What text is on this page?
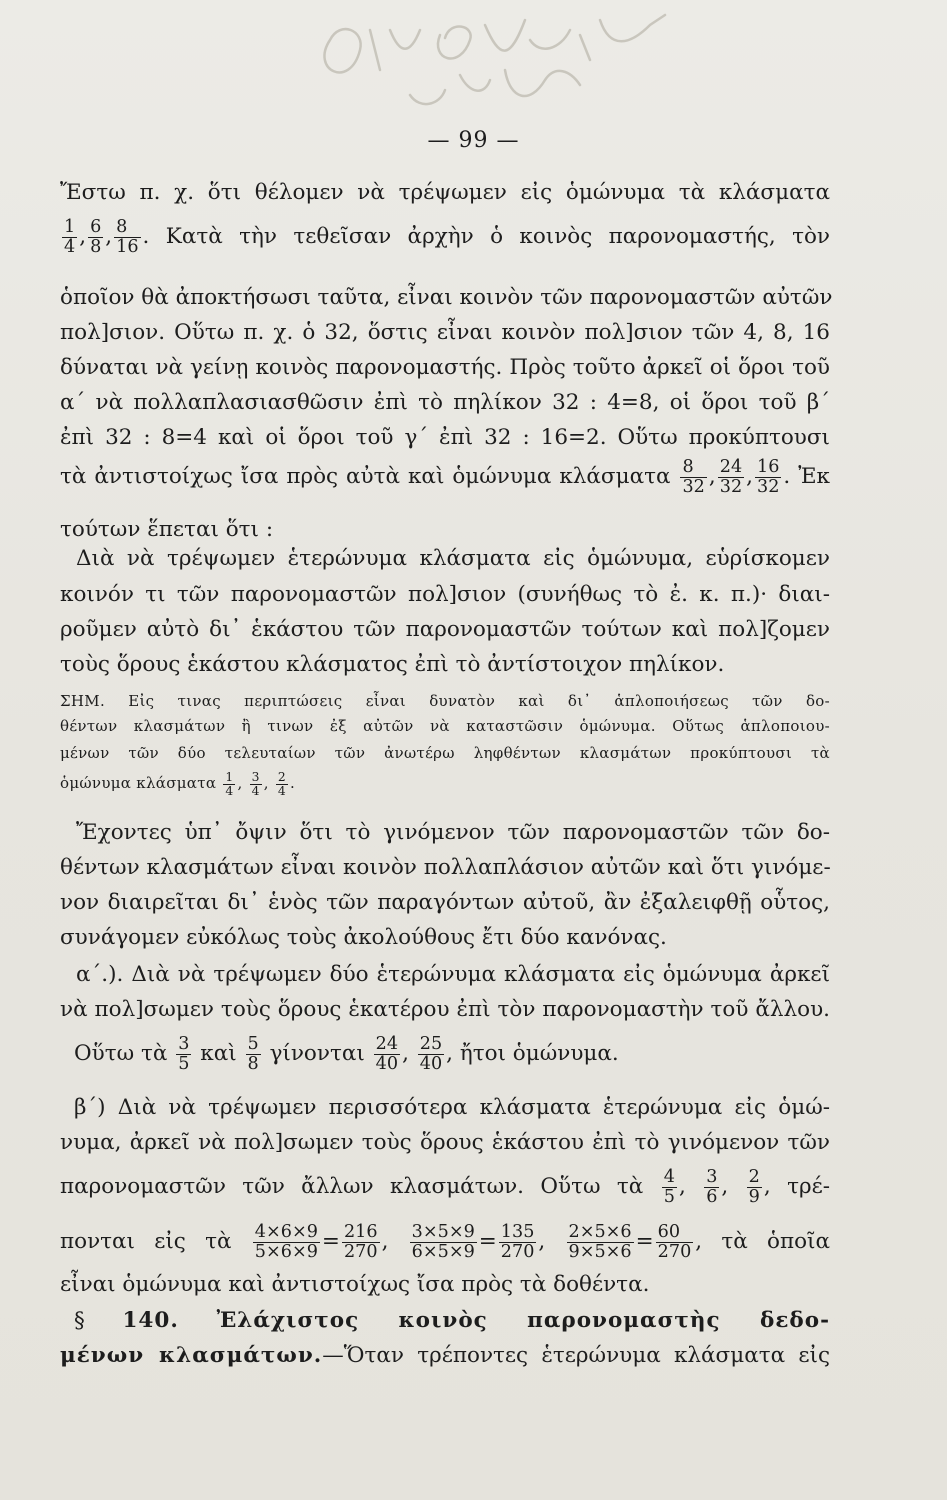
— 99 —
Ἔστω π. χ. ὅτι θέλομεν νὰ τρέψωμεν εἰς ὁμώνυμα τὰ κλάσματα
$\frac{1}{4}$ , $\frac{6}{8}$ , $\frac{8}{16}$ . Κατὰ τὴν τεθεῖσαν ἀρχὴν ὁ κοινὸς παρονομαστής, τὸν
ὁποῖον θὰ ἀποκτήσωσι ταῦτα, εἶναι κοινὸν τῶν παρονομαστῶν αὐτῶν
πολ]σιον. Οὕτω π. χ. ὁ 32, ὅστις εἶναι κοινὸν πολ]σιον τῶν 4, 8, 16
δύναται νὰ γείνῃ κοινὸς παρονομαστής. Πρὸς τοῦτο ἀρκεῖ οἱ ὅροι τοῦ
α΄ νὰ πολλαπλασιασθῶσιν ἐπὶ τὸ πηλίκον 32 : 4=8, οἱ ὅροι τοῦ β΄
ἐπὶ 32 : 8=4 καὶ οἱ ὅροι τοῦ γ΄ ἐπὶ 32 : 16=2. Οὕτω προκύπτουσι
τὰ ἀντιστοίχως ἴσα πρὸς αὐτὰ καὶ ὁμώνυμα κλάσματα $\frac{8}{32}$ , $\frac{24}{32}$ , $\frac{16}{32}$ . Ἐκ
τούτων ἕπεται ὅτι :
Διὰ νὰ τρέψωμεν ἑτερώνυμα κλάσματα εἰς ὁμώνυμα, εὑρίσκομεν
κοινόν τι τῶν παρονομαστῶν πολ]σιον (συνήθως τὸ ἐ. κ. π.)· διαι-
ροῦμεν αὐτὸ δι᾽ ἑκάστου τῶν παρονομαστῶν τούτων καὶ πολ]ζομεν
τοὺς ὅρους ἑκάστου κλάσματος ἐπὶ τὸ ἀντίστοιχον πηλίκον.
ΣΗΜ. Εἰς τινας περιπτώσεις εἶναι δυνατὸν καὶ δι᾽ ἁπλοποιήσεως τῶν δο-
θέντων κλασμάτων ἢ τινων ἐξ αὐτῶν νὰ καταστῶσιν ὁμώνυμα. Οὕτως ἁπλοποιου-
μένων τῶν δύο τελευταίων τῶν ἀνωτέρω ληφθέντων κλασμάτων προκύπτουσι τὰ
ὁμώνυμα κλάσματα $\frac{1}{4}$ , $\frac{3}{4}$ , $\frac{2}{4}$ .
Ἔχοντες ὑπ᾽ ὄψιν ὅτι τὸ γινόμενον τῶν παρονομαστῶν τῶν δο-
θέντων κλασμάτων εἶναι κοινὸν πολλαπλάσιον αὐτῶν καὶ ὅτι γινόμε-
νον διαιρεῖται δι᾽ ἑνὸς τῶν παραγόντων αὐτοῦ, ἂν ἐξαλειφθῇ οὗτος,
συνάγομεν εὐκόλως τοὺς ἀκολούθους ἔτι δύο κανόνας.
α΄.). Διὰ νὰ τρέψωμεν δύο ἑτερώνυμα κλάσματα εἰς ὁμώνυμα ἀρκεῖ
νὰ πολ]σωμεν τοὺς ὅρους ἑκατέρου ἐπὶ τὸν παρονομαστὴν τοῦ ἄλλου.
Οὕτω τὰ $\frac{3}{5}$ καὶ $\frac{5}{8}$ γίνονται $\frac{24}{40}$ , $\frac{25}{40}$ , ἤτοι ὁμώνυμα.
β΄) Διὰ νὰ τρέψωμεν περισσότερα κλάσματα ἑτερώνυμα εἰς ὁμώ-
νυμα, ἀρκεῖ νὰ πολ]σωμεν τοὺς ὅρους ἑκάστου ἐπὶ τὸ γινόμενον τῶν
παρονομαστῶν τῶν ἄλλων κλασμάτων. Οὕτω τὰ $\frac{4}{5}$ , $\frac{3}{6}$ , $\frac{2}{9}$ , τρέ-
πονται εἰς τὰ $\frac{4\times 6\times 9}{5\times 6\times 9} = \frac{216}{270}$ , $\frac{3\times 5\times 9}{6\times 5\times 9} = \frac{135}{270}$ , $\frac{2\times 5\times 6}{9\times 5\times 6} = \frac{60}{270}$ , τὰ ὁποῖα
εἶναι ὁμώνυμα καὶ ἀντιστοίχως ἴσα πρὸς τὰ δοθέντα.
§ 140. Ἐλάχιστος κοινὸς παρονομαστὴς δεδο-
μένων κλασμάτων.—Ὅταν τρέποντες ἑτερώνυμα κλάσματα εἰς
